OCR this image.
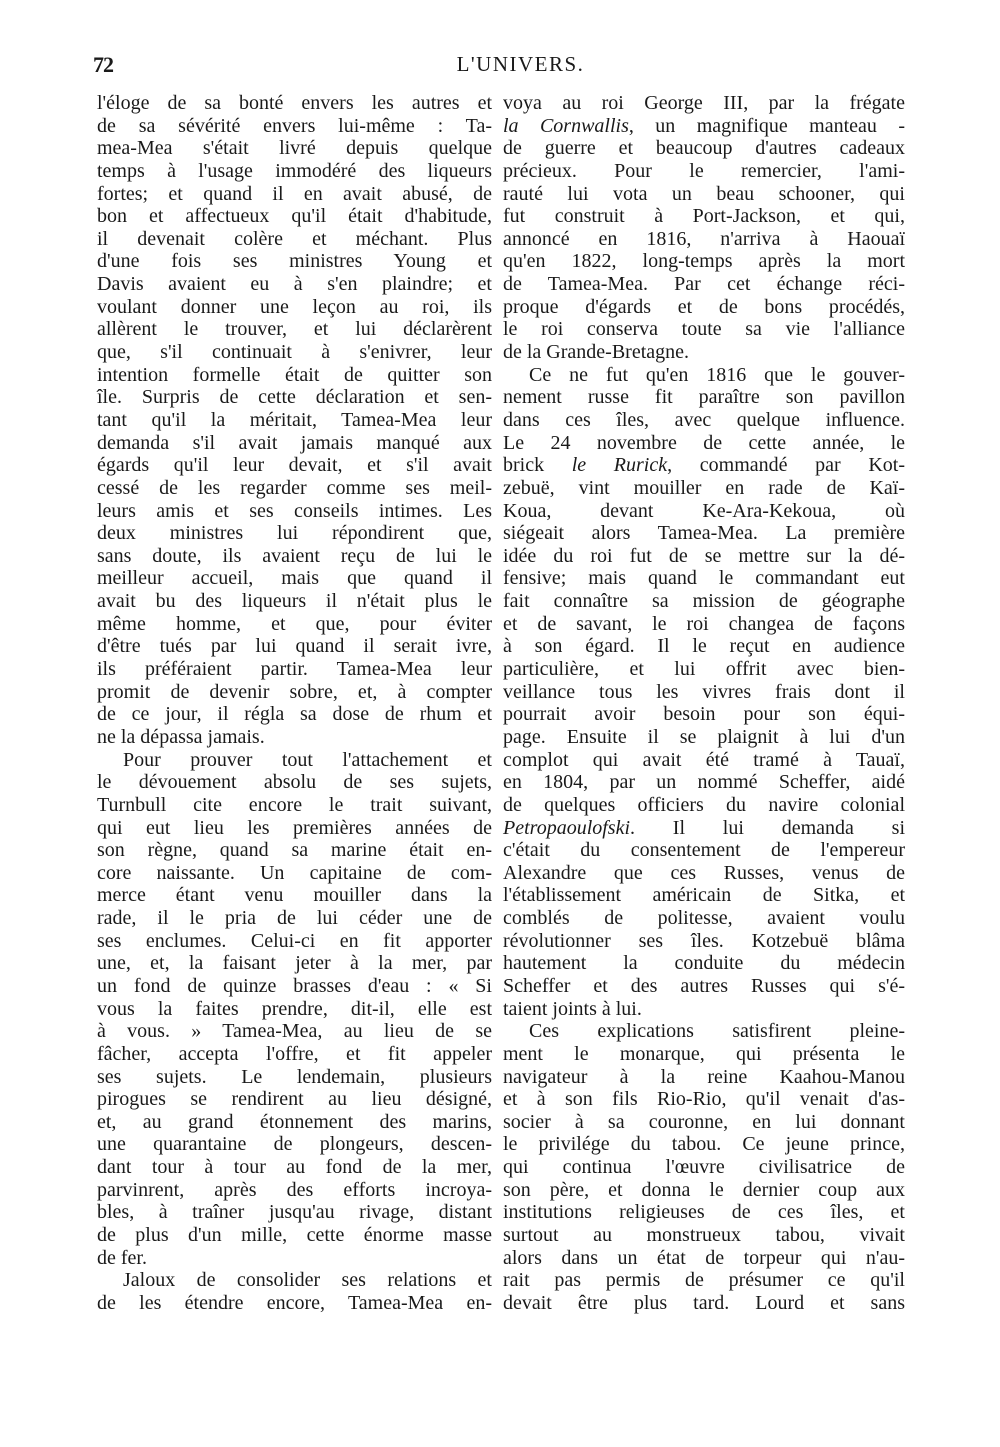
72	L'UNIVERS.
l'éloge de sa bonté envers les autres et
de sa sévérité envers lui-même : Ta-
mea-Mea s'était livré depuis quelque
temps à l'usage immodéré des liqueurs
fortes; et quand il en avait abusé, de
bon et affectueux qu'il était d'habitude,
il devenait colère et méchant. Plus
d'une fois ses ministres Young et
Davis avaient eu à s'en plaindre; et
voulant donner une leçon au roi, ils
allèrent le trouver, et lui déclarèrent
que, s'il continuait à s'enivrer, leur
intention formelle était de quitter son
île. Surpris de cette déclaration et sen-
tant qu'il la méritait, Tamea-Mea leur
demanda s'il avait jamais manqué aux
égards qu'il leur devait, et s'il avait
cessé de les regarder comme ses meil-
leurs amis et ses conseils intimes. Les
deux ministres lui répondirent que,
sans doute, ils avaient reçu de lui le
meilleur accueil, mais que quand il
avait bu des liqueurs il n'était plus le
même homme, et que, pour éviter
d'être tués par lui quand il serait ivre,
ils préféraient partir. Tamea-Mea leur
promit de devenir sobre, et, à compter
de ce jour, il régla sa dose de rhum et
ne la dépassa jamais.
Pour prouver tout l'attachement et
le dévouement absolu de ses sujets,
Turnbull cite encore le trait suivant,
qui eut lieu les premières années de
son règne, quand sa marine était en-
core naissante. Un capitaine de com-
merce étant venu mouiller dans la
rade, il le pria de lui céder une de
ses enclumes. Celui-ci en fit apporter
une, et, la faisant jeter à la mer, par
un fond de quinze brasses d'eau : « Si
vous la faites prendre, dit-il, elle est
à vous. » Tamea-Mea, au lieu de se
fâcher, accepta l'offre, et fit appeler
ses sujets. Le lendemain, plusieurs
pirogues se rendirent au lieu désigné,
et, au grand étonnement des marins,
une quarantaine de plongeurs, descen-
dant tour à tour au fond de la mer,
parvinrent, après des efforts incroya-
bles, à traîner jusqu'au rivage, distant
de plus d'un mille, cette énorme masse
de fer.
Jaloux de consolider ses relations et
de les étendre encore, Tamea-Mea en-
voya au roi George III, par la frégate
la Cornwallis, un magnifique manteau -
de guerre et beaucoup d'autres cadeaux
précieux. Pour le remercier, l'ami-
rauté lui vota un beau schooner, qui
fut construit à Port-Jackson, et qui,
annoncé en 1816, n'arriva à Haouaï
qu'en 1822, long-temps après la mort
de Tamea-Mea. Par cet échange réci-
proque d'égards et de bons procédés,
le roi conserva toute sa vie l'alliance
de la Grande-Bretagne.
Ce ne fut qu'en 1816 que le gouver-
nement russe fit paraître son pavillon
dans ces îles, avec quelque influence.
Le 24 novembre de cette année, le
brick le Rurick, commandé par Kot-
zebuë, vint mouiller en rade de Kaï-
Koua, devant Ke-Ara-Kekoua, où
siégeait alors Tamea-Mea. La première
idée du roi fut de se mettre sur la dé-
fensive; mais quand le commandant eut
fait connaître sa mission de géographe
et de savant, le roi changea de façons
à son égard. Il le reçut en audience
particulière, et lui offrit avec bien-
veillance tous les vivres frais dont il
pourrait avoir besoin pour son équi-
page. Ensuite il se plaignit à lui d'un
complot qui avait été tramé à Tauaï,
en 1804, par un nommé Scheffer, aidé
de quelques officiers du navire colonial
Petropaoulofski. Il lui demanda si
c'était du consentement de l'empereur
Alexandre que ces Russes, venus de
l'établissement américain de Sitka, et
comblés de politesse, avaient voulu
révolutionner ses îles. Kotzebuë blâma
hautement la conduite du médecin
Scheffer et des autres Russes qui s'é-
taient joints à lui.
Ces explications satisfirent pleine-
ment le monarque, qui présenta le
navigateur à la reine Kaahou-Manou
et à son fils Rio-Rio, qu'il venait d'as-
socier à sa couronne, en lui donnant
le privilége du tabou. Ce jeune prince,
qui continua l'œuvre civilisatrice de
son père, et donna le dernier coup aux
institutions religieuses de ces îles, et
surtout au monstrueux tabou, vivait
alors dans un état de torpeur qui n'au-
rait pas permis de présumer ce qu'il
devait être plus tard. Lourd et sans
